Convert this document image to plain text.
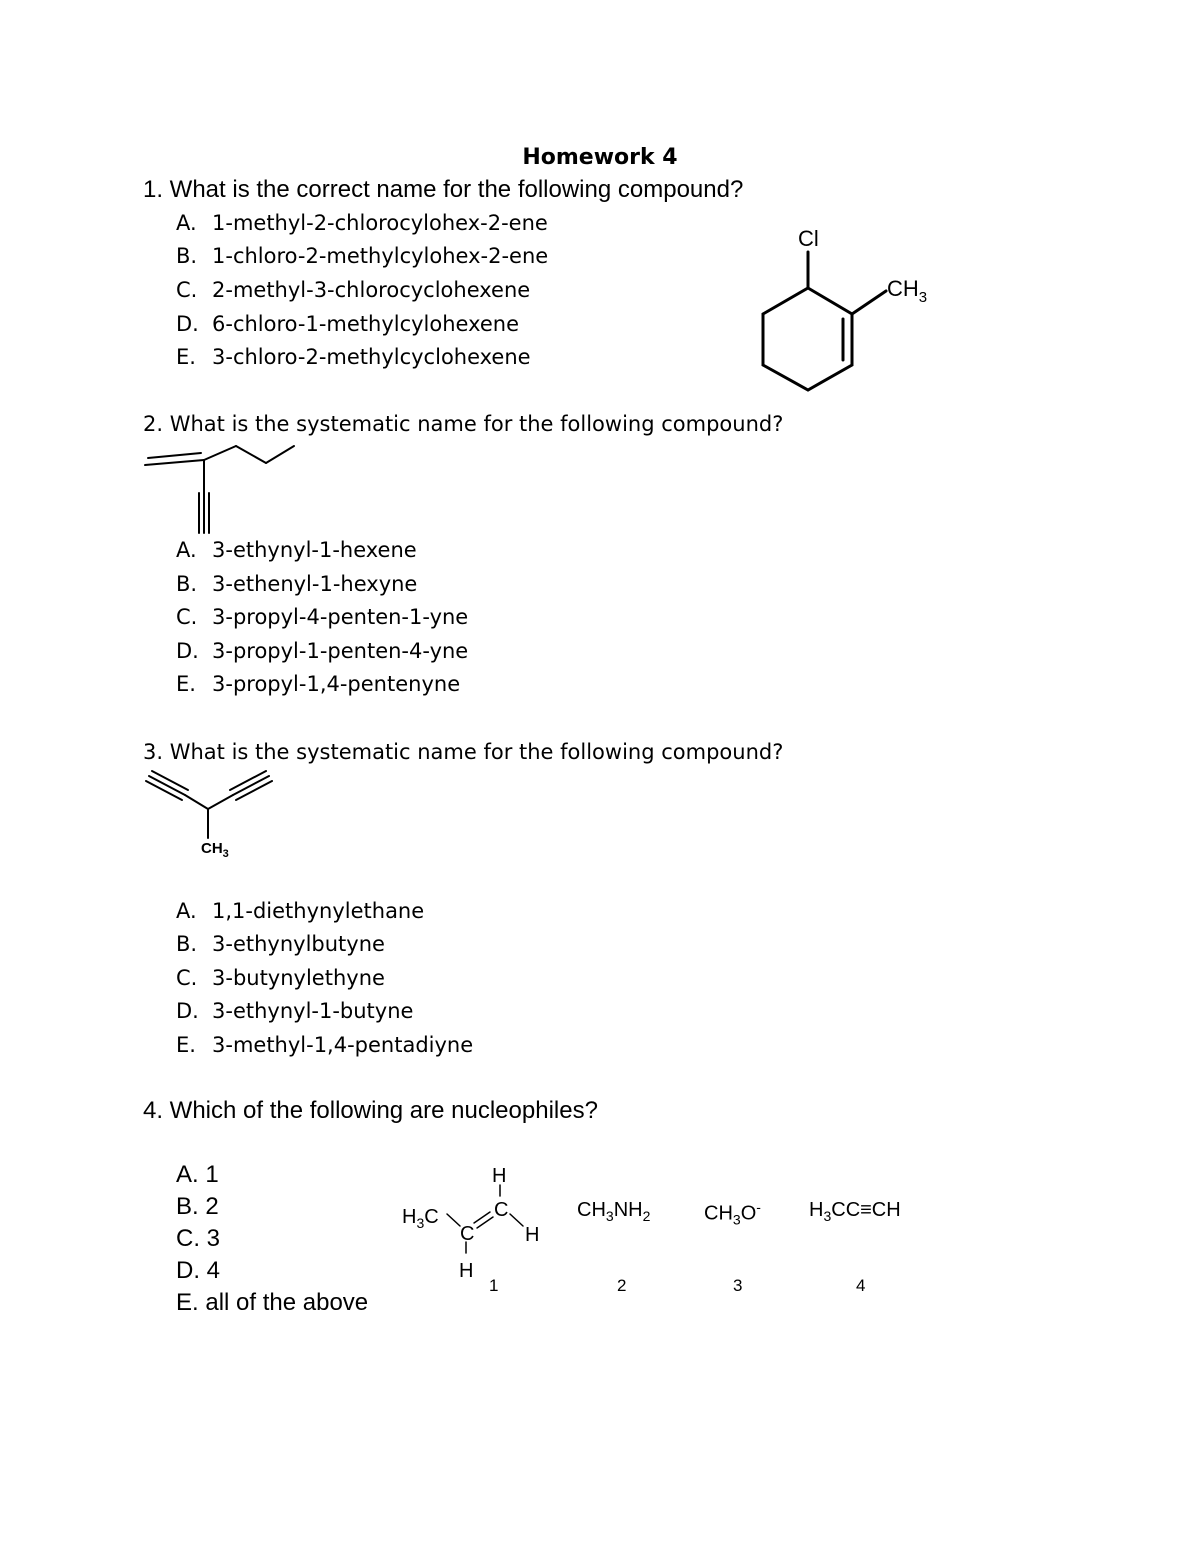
Homework 4
1. What is the correct name for the following compound?
A. 1-methyl-2-chlorocylohex-2-ene
B. 1-chloro-2-methylcylohex-2-ene
C. 2-methyl-3-chlorocyclohexene
D. 6-chloro-1-methylcylohexene
E. 3-chloro-2-methylcyclohexene
Cl
$CH_3$
2. What is the systematic name for the following compound?
A. 3-ethynyl-1-hexene
B. 3-ethenyl-1-hexyne
C. 3-propyl-4-penten-1-yne
D. 3-propyl-1-penten-4-yne
E. 3-propyl-1,4-pentenyne
3. What is the systematic name for the following compound?
$CH_3$
A. 1,1-diethynylethane
B. 3-ethynylbutyne
C. 3-butynylethyne
D. 3-ethynyl-1-butyne
E. 3-methyl-1,4-pentadiyne
4. Which of the following are nucleophiles?
A. 1
B. 2
C. 3
D. 4
E. all of the above
$H_3C$
H
C
C	H
H
1
$CH_3NH_2$
2
$CH_3O^-$
3
$H_3CC\equiv CH$
4
